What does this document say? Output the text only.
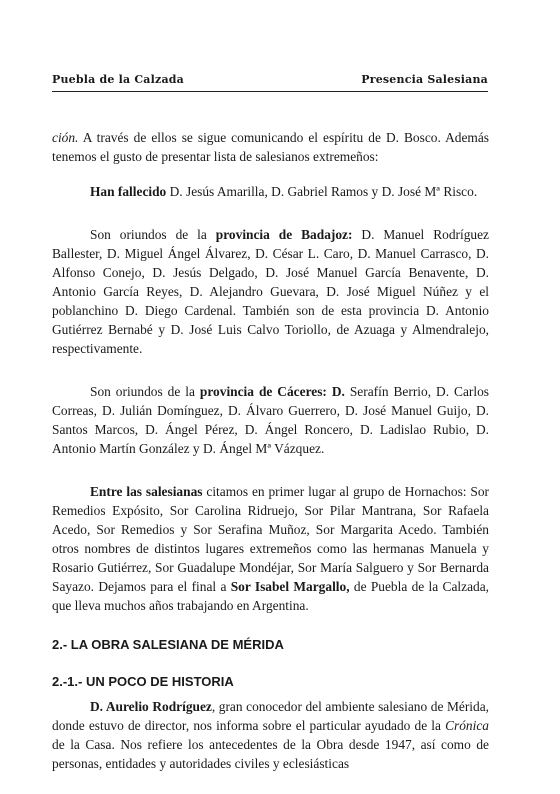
Puebla de la Calzada	Presencia Salesiana

ción. A través de ellos se sigue comunicando el espíritu de D. Bosco. Además tenemos el gusto de presentar lista de salesianos extremeños:

Han fallecido D. Jesús Amarilla, D. Gabriel Ramos y D. José Mª Risco.

Son oriundos de la provincia de Badajoz: D. Manuel Rodríguez Ballester, D. Miguel Ángel Álvarez, D. César L. Caro, D. Manuel Carrasco, D. Alfonso Conejo, D. Jesús Delgado, D. José Manuel García Benavente, D. Antonio García Reyes, D. Alejandro Guevara, D. José Miguel Núñez y el poblanchino D. Diego Cardenal. También son de esta provincia D. Antonio Gutiérrez Bernabé y D. José Luis Calvo Toriollo, de Azuaga y Almendralejo, respectivamente.

Son oriundos de la provincia de Cáceres: D. Serafín Berrio, D. Carlos Correas, D. Julián Domínguez, D. Álvaro Guerrero, D. José Manuel Guijo, D. Santos Marcos, D. Ángel Pérez, D. Ángel Roncero, D. Ladislao Rubio, D. Antonio Martín González y D. Ángel Mª Vázquez.

Entre las salesianas citamos en primer lugar al grupo de Hornachos: Sor Remedios Expósito, Sor Carolina Ridruejo, Sor Pilar Mantrana, Sor Rafaela Acedo, Sor Remedios y Sor Serafina Muñoz, Sor Margarita Acedo. También otros nombres de distintos lugares extremeños como las hermanas Manuela y Rosario Gutiérrez, Sor Guadalupe Mondéjar, Sor María Salguero y Sor Bernarda Sayazo. Dejamos para el final a Sor Isabel Margallo, de Puebla de la Calzada, que lleva muchos años trabajando en Argentina.

2.- LA OBRA SALESIANA DE MÉRIDA

2.-1.- UN POCO DE HISTORIA

D. Aurelio Rodríguez, gran conocedor del ambiente salesiano de Mérida, donde estuvo de director, nos informa sobre el particular ayudado de la Crónica de la Casa. Nos refiere los antecedentes de la Obra desde 1947, así como de personas, entidades y autoridades civiles y eclesiásticas
